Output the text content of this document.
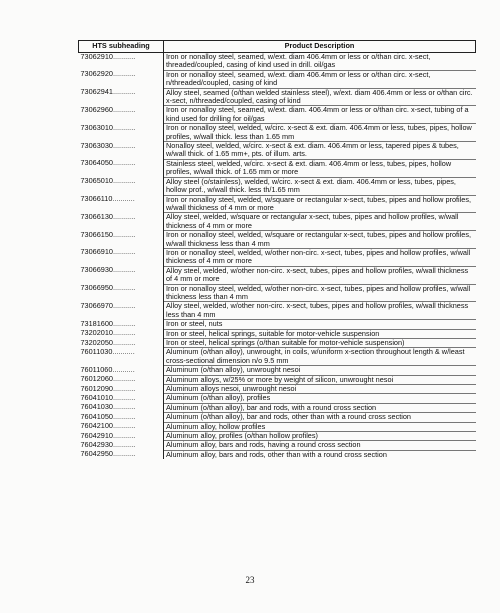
HTS subheading	Product Description
73062910...........	Iron or nonalloy steel, seamed, w/ext. diam 406.4mm or less or o/than circ. x-sect, threaded/coupled, casing of kind used in drill. oil/gas
73062920...........	Iron or nonalloy steel, seamed, w/ext. diam 406.4mm or less or o/than circ. x-sect, n/threaded/coupled, casing of kind
73062941...........	Alloy steel, seamed (o/than welded stainless steel), w/ext. diam 406.4mm or less or o/than circ. x-sect, n/threaded/coupled, casing of kind
73062960...........	Iron or nonalloy steel, seamed, w/ext. diam. 406.4mm or less or o/than circ. x-sect, tubing of a kind used for drilling for oil/gas
73063010...........	Iron or nonalloy steel, welded, w/circ. x-sect & ext. diam. 406.4mm or less, tubes, pipes, hollow profiles, w/wall thick. less than 1.65 mm
73063030...........	Nonalloy steel, welded, w/circ. x-sect & ext. diam. 406.4mm or less, tapered pipes & tubes, w/wall thick. of 1.65 mm+, pts. of illum. arts.
73064050...........	Stainless steel, welded, w/circ. x-sect & ext. diam. 406.4mm or less, tubes, pipes, hollow profiles, w/wall thick. of 1.65 mm or more
73065010...........	Alloy steel (o/stainless), welded, w/circ. x-sect & ext. diam. 406.4mm or less, tubes, pipes, hollow prof., w/wall thick. less th/1.65 mm
73066110...........	Iron or nonalloy steel, welded, w/square or rectangular x-sect, tubes, pipes and hollow profiles, w/wall thickness of 4 mm or more
73066130...........	Alloy steel, welded, w/square or rectangular x-sect, tubes, pipes and hollow profiles, w/wall thickness of 4 mm or more
73066150...........	Iron or nonalloy steel, welded, w/square or rectangular x-sect, tubes, pipes and hollow profiles, w/wall thickness less than 4 mm
73066910...........	Iron or nonalloy steel, welded, w/other non-circ. x-sect, tubes, pipes and hollow profiles, w/wall thickness of 4 mm or more
73066930...........	Alloy steel, welded, w/other non-circ. x-sect, tubes, pipes and hollow profiles, w/wall thickness of 4 mm or more
73066950...........	Iron or nonalloy steel, welded, w/other non-circ. x-sect, tubes, pipes and hollow profiles, w/wall thickness less than 4 mm
73066970...........	Alloy steel, welded, w/other non-circ. x-sect, tubes, pipes and hollow profiles, w/wall thickness less than 4 mm
73181600...........	Iron or steel, nuts
73202010...........	Iron or steel, helical springs, suitable for motor-vehicle suspension
73202050...........	Iron or steel, helical springs (o/than suitable for motor-vehicle suspension)
76011030...........	Aluminum (o/than alloy), unwrought, in coils, w/uniform x-section throughout length & w/least cross-sectional dimension n/o 9.5 mm
76011060...........	Aluminum (o/than alloy), unwrought nesoi
76012060...........	Aluminum alloys, w/25% or more by weight of silicon, unwrought nesoi
76012090...........	Aluminum alloys nesoi, unwrought nesoi
76041010...........	Aluminum (o/than alloy), profiles
76041030...........	Aluminum (o/than alloy), bar and rods, with a round cross section
76041050...........	Aluminum (o/than alloy), bar and rods, other than with a round cross section
76042100...........	Aluminum alloy, hollow profiles
76042910...........	Aluminum alloy, profiles (o/than hollow profiles)
76042930...........	Aluminum alloy, bars and rods, having a round cross section
76042950...........	Aluminum alloy, bars and rods, other than with a round cross section
23
